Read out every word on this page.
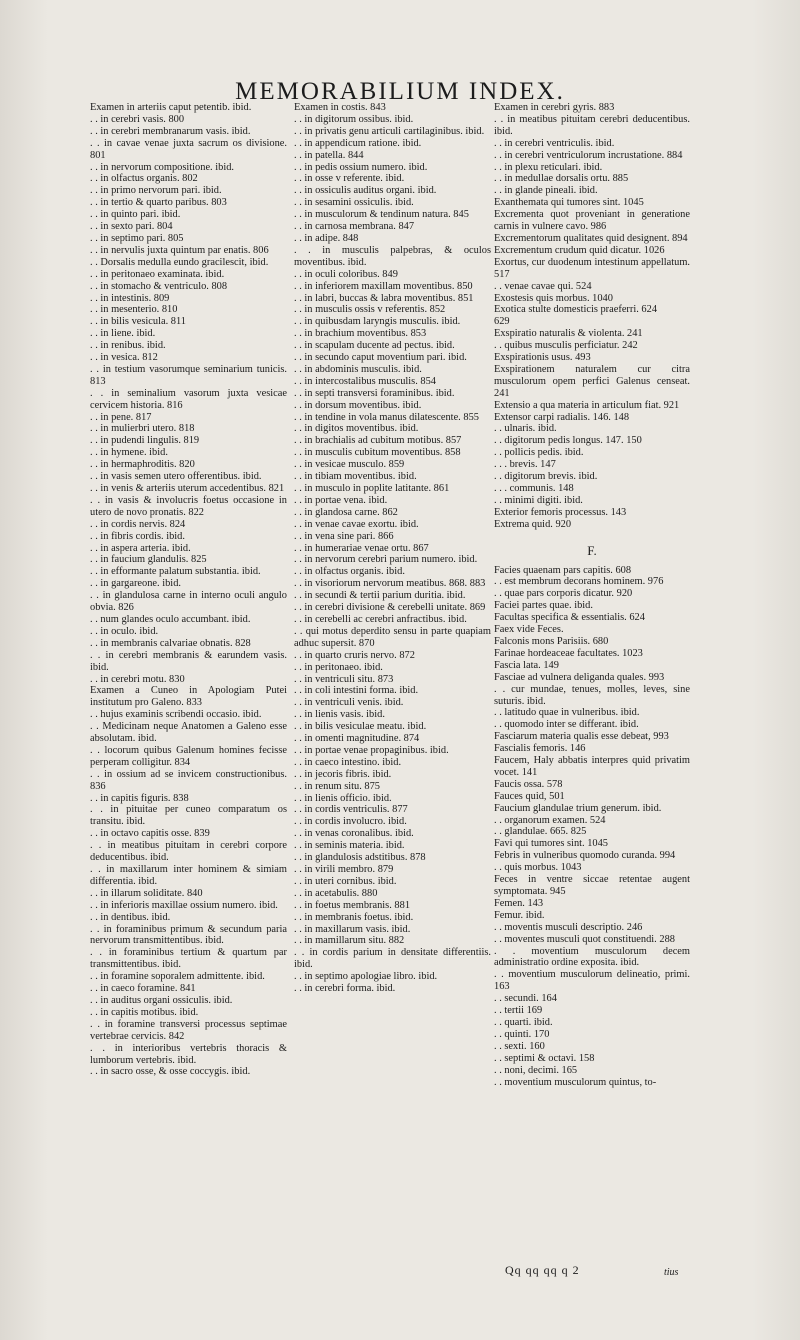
MEMORABILIUM INDEX.
Examen in arteriis caput petentib. ibid.
. . in cerebri vasis. 800
. . in cerebri membranarum vasis. ibid.
. . in cavae venae juxta sacrum os divisione. 801
. . in nervorum compositione. ibid.
. . in olfactus organis. 802
. . in primo nervorum pari. ibid.
. . in tertio & quarto paribus. 803
. . in quinto pari. ibid.
. . in sexto pari. 804
. . in septimo pari. 805
. . in nervulis juxta quintum par enatis. 806
. . Dorsalis medulla eundo gracilescit, ibid.
. . in peritonaeo examinata. ibid.
. . in stomacho & ventriculo. 808
. . in intestinis. 809
. . in mesenterio. 810
. . in bilis vesicula. 811
. . in liene. ibid.
. . in renibus. ibid.
. . in vesica. 812
. . in testium vasorumque seminarium tunicis. 813
. . in seminalium vasorum juxta vesicae cervicem historia. 816
. . in pene. 817
. . in mulierbri utero. 818
. . in pudendi lingulis. 819
. . in hymene. ibid.
. . in hermaphroditis. 820
. . in vasis semen utero offerentibus. ibid.
. . in venis & arteriis uterum accedentibus. 821
. . in vasis & involucris foetus occasione in utero de novo pronatis. 822
. . in cordis nervis. 824
. . in fibris cordis. ibid.
. . in aspera arteria. ibid.
. . in faucium glandulis. 825
. . in efformante palatum substantia. ibid.
. . in gargareone. ibid.
. . in glandulosa carne in interno oculi angulo obvia. 826
. . num glandes oculo accumbant. ibid.
. . in oculo. ibid.
. . in membranis calvariae obnatis. 828
. . in cerebri membranis & earundem vasis. ibid.
. . in cerebri motu. 830
Examen a Cuneo in Apologiam Putei institutum pro Galeno. 833
. . hujus examinis scribendi occasio. ibid.
. . Medicinam neque Anatomen a Galeno esse absolutam. ibid.
. . locorum quibus Galenum homines fecisse perperam colligitur. 834
. . in ossium ad se invicem constructionibus. 836
. . in capitis figuris. 838
. . in pituitae per cuneo comparatum os transitu. ibid.
. . in octavo capitis osse. 839
. . in meatibus pituitam in cerebri corpore deducentibus. ibid.
. . in maxillarum inter hominem & simiam differentia. ibid.
. . in illarum soliditate. 840
. . in inferioris maxillae ossium numero. ibid.
. . in dentibus. ibid.
. . in foraminibus primum & secundum paria nervorum transmittentibus. ibid.
. . in foraminibus tertium & quartum par transmittentibus. ibid.
. . in foramine soporalem admittente. ibid.
. . in caeco foramine. 841
. . in auditus organi ossiculis. ibid.
. . in capitis motibus. ibid.
. . in foramine transversi processus septimae vertebrae cervicis. 842
. . in interioribus vertebris thoracis & lumborum vertebris. ibid.
. . in sacro osse, & osse coccygis. ibid.
Examen in costis. 843
. . in digitorum ossibus. ibid.
. . in privatis genu articuli cartilaginibus. ibid.
. . in appendicum ratione. ibid.
. . in patella. 844
. . in pedis ossium numero. ibid.
. . in osse v referente. ibid.
. . in ossiculis auditus organi. ibid.
. . in sesamini ossiculis. ibid.
. . in musculorum & tendinum natura. 845
. . in carnosa membrana. 847
. . in adipe. 848
. . in musculis palpebras, & oculos moventibus. ibid.
. . in oculi coloribus. 849
. . in inferiorem maxillam moventibus. 850
. . in labri, buccas & labra moventibus. 851
. . in musculis ossis v referentis. 852
. . in quibusdam laryngis musculis. ibid.
. . in brachium moventibus. 853
. . in scapulam ducente ad pectus. ibid.
. . in secundo caput moventium pari. ibid.
. . in abdominis musculis. ibid.
. . in intercostalibus musculis. 854
. . in septi transversi foraminibus. ibid.
. . in dorsum moventibus. ibid.
. . in tendine in vola manus dilatescente. 855
. . in digitos moventibus. ibid.
. . in brachialis ad cubitum motibus. 857
. . in musculis cubitum moventibus. 858
. . in vesicae musculo. 859
. . in tibiam moventibus. ibid.
. . in musculo in poplite latitante. 861
. . in portae vena. ibid.
. . in glandosa carne. 862
. . in venae cavae exortu. ibid.
. . in vena sine pari. 866
. . in humerariae venae ortu. 867
. . in nervorum cerebri parium numero. ibid.
. . in olfactus organis. ibid.
. . in visoriorum nervorum meatibus. 868. 883
. . in secundi & tertii parium duritia. ibid.
. . in cerebri divisione & cerebelli unitate. 869
. . in cerebelli ac cerebri anfractibus. ibid.
. . qui motus deperdito sensu in parte quapiam adhuc supersit. 870
. . in quarto cruris nervo. 872
. . in peritonaeo. ibid.
. . in ventriculi situ. 873
. . in coli intestini forma. ibid.
. . in ventriculi venis. ibid.
. . in lienis vasis. ibid.
. . in bilis vesiculae meatu. ibid.
. . in omenti magnitudine. 874
. . in portae venae propaginibus. ibid.
. . in caeco intestino. ibid.
. . in jecoris fibris. ibid.
. . in renum situ. 875
. . in lienis officio. ibid.
. . in cordis ventriculis. 877
. . in cordis involucro. ibid.
. . in venas coronalibus. ibid.
. . in seminis materia. ibid.
. . in glandulosis adstitibus. 878
. . in virili membro. 879
. . in uteri cornibus. ibid.
. . in acetabulis. 880
. . in foetus membranis. 881
. . in membranis foetus. ibid.
. . in maxillarum vasis. ibid.
. . in mamillarum situ. 882
. . in cordis parium in densitate differentiis. ibid.
. . in septimo apologiae libro. ibid.
. . in cerebri forma. ibid.
Examen in cerebri gyris. 883
. . in meatibus pituitam cerebri deducentibus. ibid.
. . in cerebri ventriculis. ibid.
. . in cerebri ventriculorum incrustatione. 884
. . in plexu reticulari. ibid.
. . in medullae dorsalis ortu. 885
. . in glande pineali. ibid.
Exanthemata qui tumores sint. 1045
Excrementa quot proveniant in generatione carnis in vulnere cavo. 986
Excrementorum qualitates quid designent. 894
Excrementum crudum quid dicatur. 1026
Exortus, cur duodenum intestinum appellatum. 517
. . venae cavae qui. 524
Exostesis quis morbus. 1040
Exotica stulte domesticis praeferri. 624
629
Exspiratio naturalis & violenta. 241
. . quibus musculis perficiatur. 242
Exspirationis usus. 493
Exspirationem naturalem cur citra musculorum opem perfici Galenus censeat. 241
Extensio a qua materia in articulum fiat. 921
Extensor carpi radialis. 146. 148
. . ulnaris. ibid.
. . digitorum pedis longus. 147. 150
. . pollicis pedis. ibid.
. . . brevis. 147
. . digitorum brevis. ibid.
. . . communis. 148
. . minimi digiti. ibid.
Exterior femoris processus. 143
Extrema quid. 920
F.
Facies quaenam pars capitis. 608
. . est membrum decorans hominem. 976
. . quae pars corporis dicatur. 920
Faciei partes quae. ibid.
Facultas specifica & essentialis. 624
Faex vide Feces.
Falconis mons Parisiis. 680
Farinae hordeaceae facultates. 1023
Fascia lata. 149
Fasciae ad vulnera deliganda quales. 993
. . cur mundae, tenues, molles, leves, sine suturis. ibid.
. . latitudo quae in vulneribus. ibid.
. . quomodo inter se differant. ibid.
Fasciarum materia qualis esse debeat, 993
Fascialis femoris. 146
Faucem, Haly abbatis interpres quid privatim vocet. 141
Faucis ossa. 578
Fauces quid, 501
Faucium glandulae trium generum. ibid.
. . organorum examen. 524
. . glandulae. 665. 825
Favi qui tumores sint. 1045
Febris in vulneribus quomodo curanda. 994
. . quis morbus. 1043
Feces in ventre siccae retentae augent symptomata. 945
Femen. 143
Femur. ibid.
. . moventis musculi descriptio. 246
. . moventes musculi quot constituendi. 288
. . moventium musculorum decem administratio ordine exposita. ibid.
. . moventium musculorum delineatio, primi. 163
. . secundi. 164
. . tertii 169
. . quarti. ibid.
. . quinti. 170
. . sexti. 160
. . septimi & octavi. 158
. . noni, decimi. 165
. . moventium musculorum quintus, to-
Qq qq qq q 2	tius
